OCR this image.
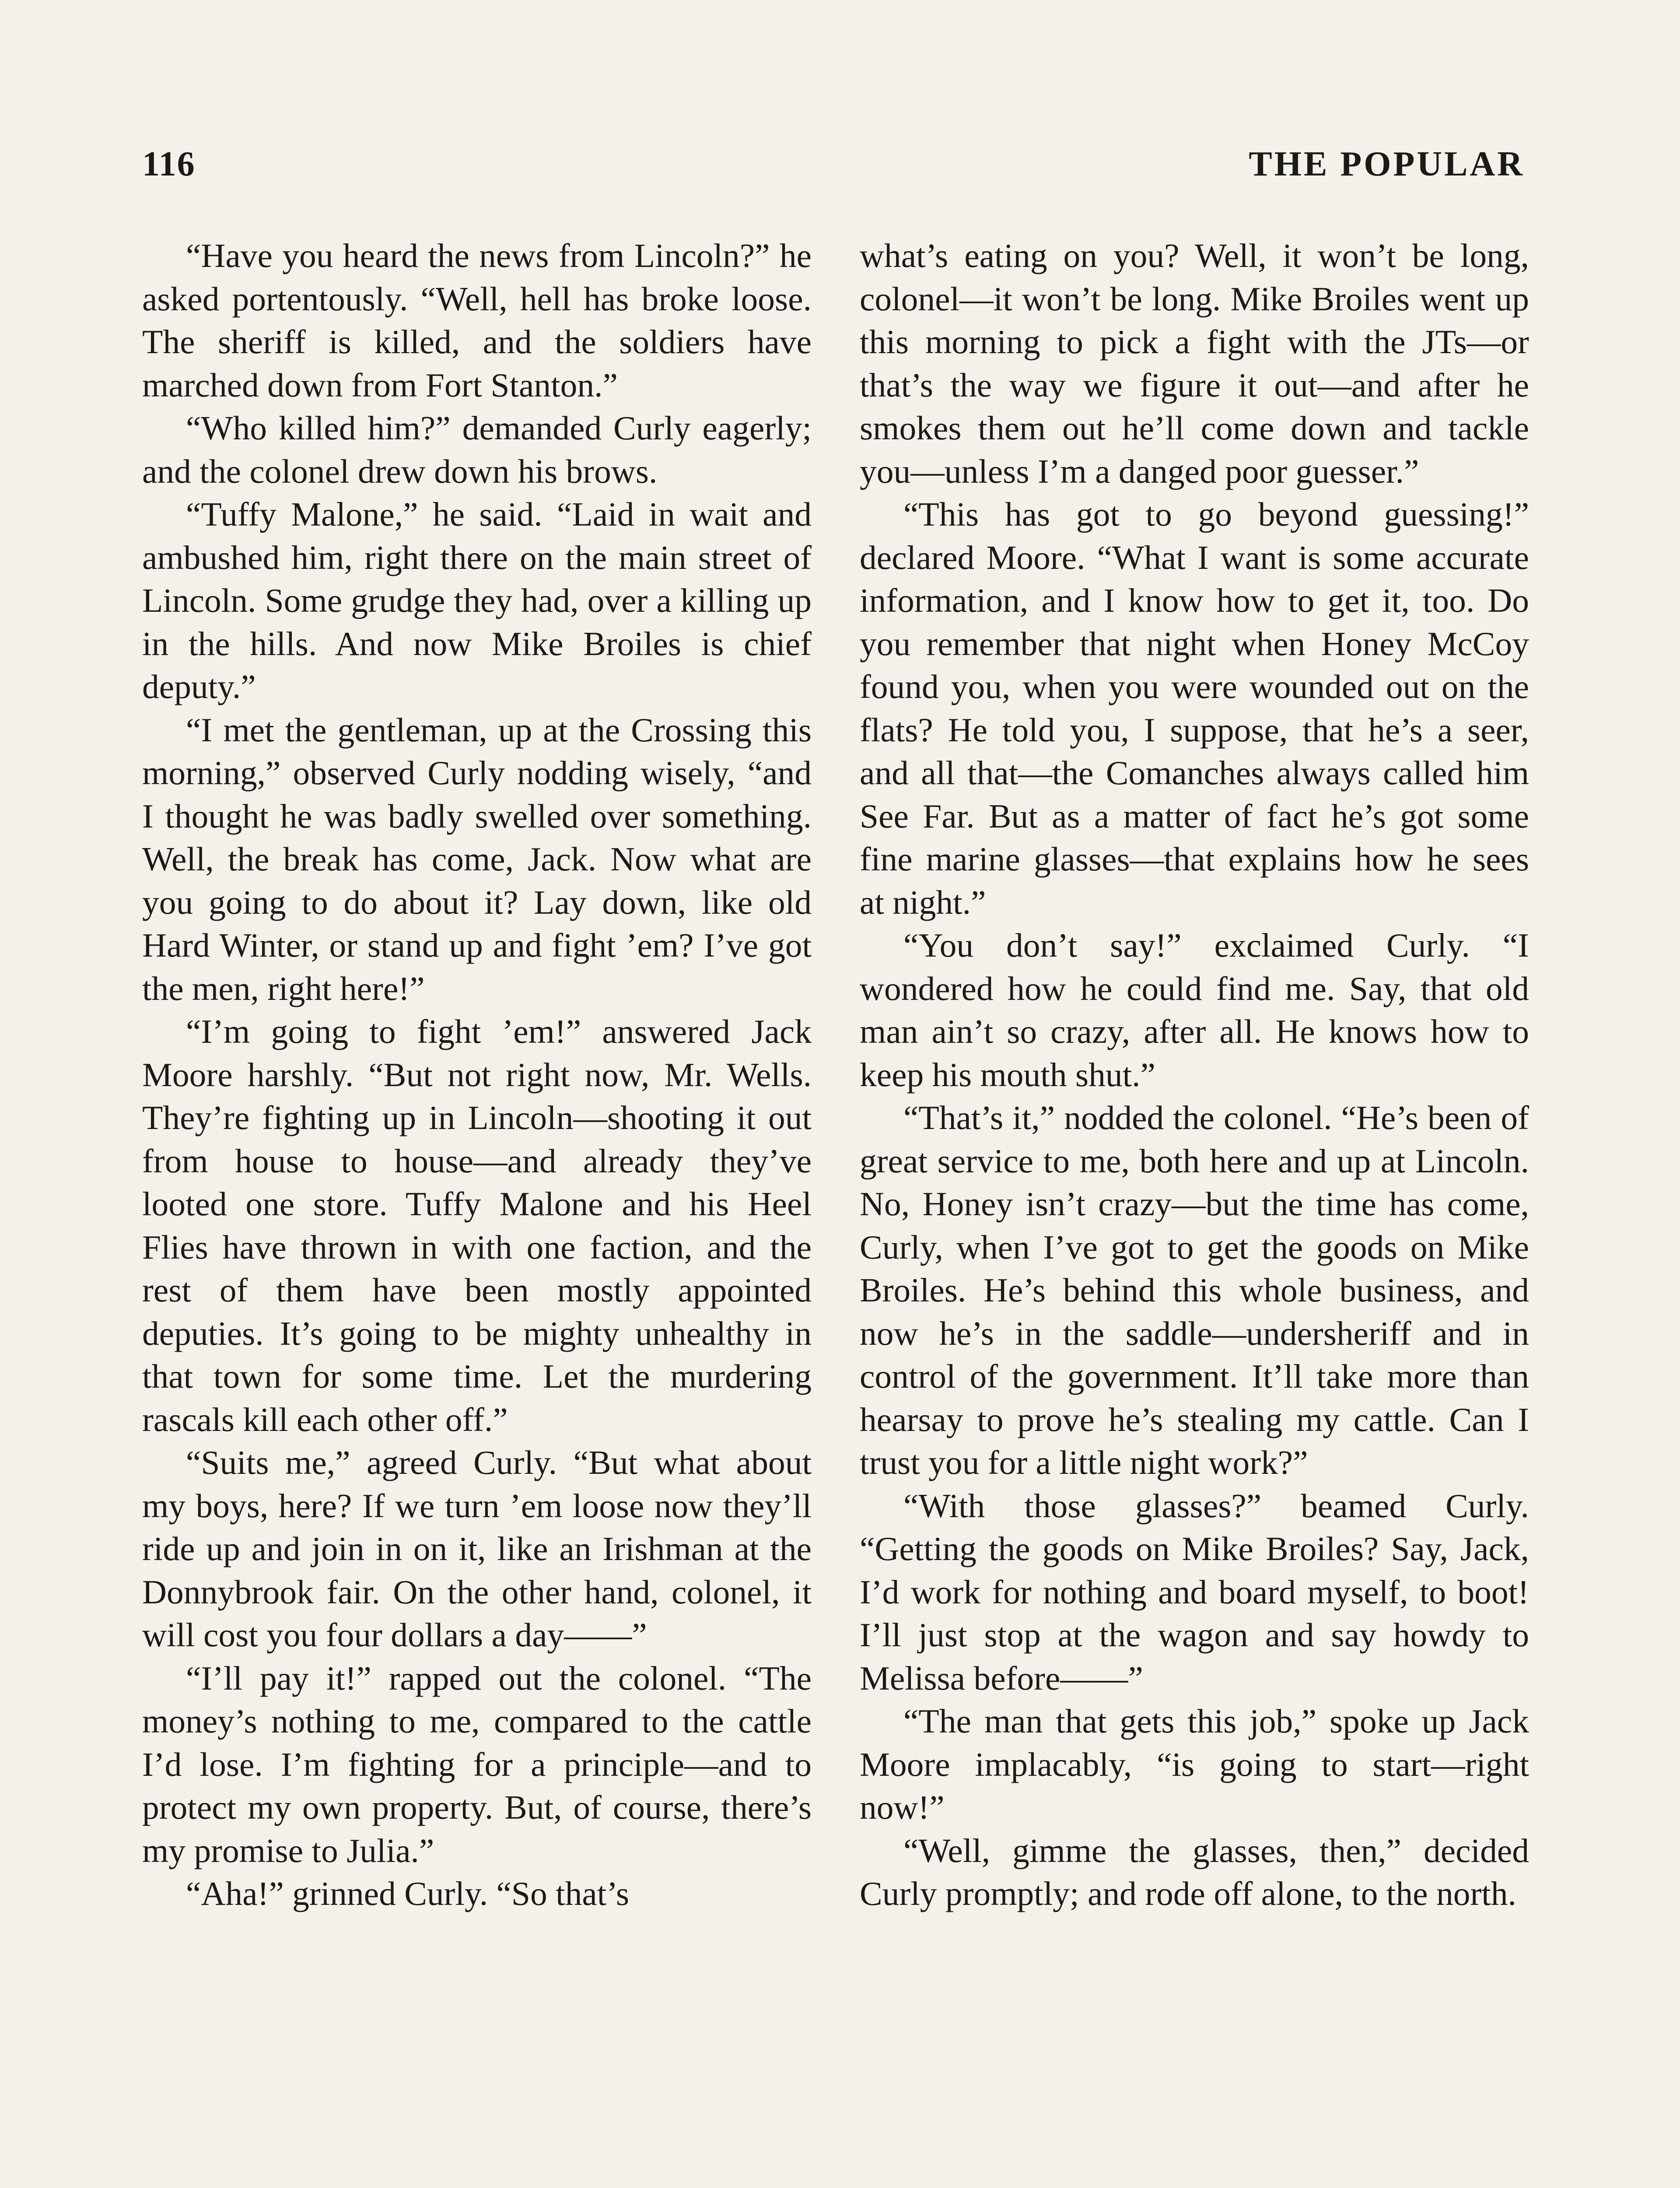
116	THE POPULAR

“Have you heard the news from Lincoln?” he asked portentously. “Well, hell has broke loose. The sheriff is killed, and the soldiers have marched down from Fort Stanton.”

“Who killed him?” demanded Curly eagerly; and the colonel drew down his brows.

“Tuffy Malone,” he said. “Laid in wait and ambushed him, right there on the main street of Lincoln. Some grudge they had, over a killing up in the hills. And now Mike Broiles is chief deputy.”

“I met the gentleman, up at the Crossing this morning,” observed Curly nodding wisely, “and I thought he was badly swelled over something. Well, the break has come, Jack. Now what are you going to do about it? Lay down, like old Hard Winter, or stand up and fight ’em? I’ve got the men, right here!”

“I’m going to fight ’em!” answered Jack Moore harshly. “But not right now, Mr. Wells. They’re fighting up in Lincoln—shooting it out from house to house—and already they’ve looted one store. Tuffy Malone and his Heel Flies have thrown in with one faction, and the rest of them have been mostly appointed deputies. It’s going to be mighty unhealthy in that town for some time. Let the murdering rascals kill each other off.”

“Suits me,” agreed Curly. “But what about my boys, here? If we turn ’em loose now they’ll ride up and join in on it, like an Irishman at the Donnybrook fair. On the other hand, colonel, it will cost you four dollars a day——”

“I’ll pay it!” rapped out the colonel. “The money’s nothing to me, compared to the cattle I’d lose. I’m fighting for a principle—and to protect my own property. But, of course, there’s my promise to Julia.”

“Aha!” grinned Curly. “So that’s

what’s eating on you? Well, it won’t be long, colonel—it won’t be long. Mike Broiles went up this morning to pick a fight with the JTs—or that’s the way we figure it out—and after he smokes them out he’ll come down and tackle you—unless I’m a danged poor guesser.”

“This has got to go beyond guessing!” declared Moore. “What I want is some accurate information, and I know how to get it, too. Do you remember that night when Honey McCoy found you, when you were wounded out on the flats? He told you, I suppose, that he’s a seer, and all that—the Comanches always called him See Far. But as a matter of fact he’s got some fine marine glasses—that explains how he sees at night.”

“You don’t say!” exclaimed Curly. “I wondered how he could find me. Say, that old man ain’t so crazy, after all. He knows how to keep his mouth shut.”

“That’s it,” nodded the colonel. “He’s been of great service to me, both here and up at Lincoln. No, Honey isn’t crazy—but the time has come, Curly, when I’ve got to get the goods on Mike Broiles. He’s behind this whole business, and now he’s in the saddle—undersheriff and in control of the government. It’ll take more than hearsay to prove he’s stealing my cattle. Can I trust you for a little night work?”

“With those glasses?” beamed Curly. “Getting the goods on Mike Broiles? Say, Jack, I’d work for nothing and board myself, to boot! I’ll just stop at the wagon and say howdy to Melissa before——”

“The man that gets this job,” spoke up Jack Moore implacably, “is going to start—right now!”

“Well, gimme the glasses, then,” decided Curly promptly; and rode off alone, to the north.
